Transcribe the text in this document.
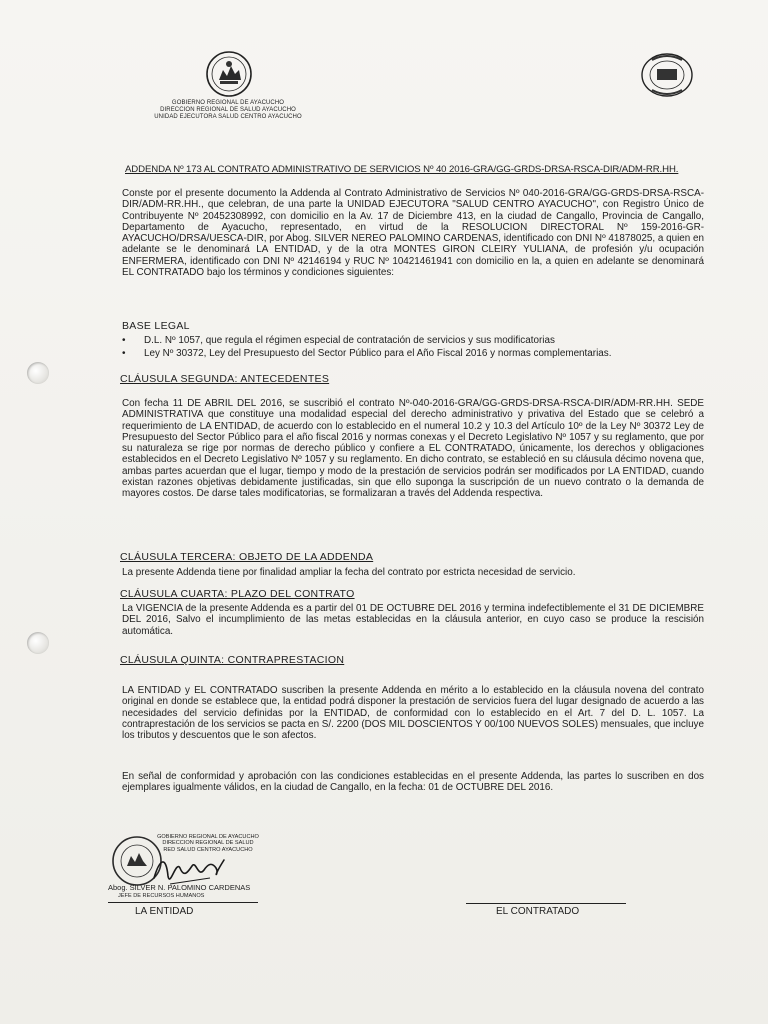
GOBIERNO REGIONAL DE AYACUCHO
DIRECCION REGIONAL DE SALUD AYACUCHO
UNIDAD EJECUTORA SALUD CENTRO AYACUCHO
ADDENDA Nº 173 AL CONTRATO ADMINISTRATIVO DE SERVICIOS Nº 40 2016-GRA/GG-GRDS-DRSA-RSCA-DIR/ADM-RR.HH.
Conste por el presente documento la Addenda al Contrato Administrativo de Servicios Nº 040-2016-GRA/GG-GRDS-DRSA-RSCA-DIR/ADM-RR.HH., que celebran, de una parte la UNIDAD EJECUTORA "SALUD CENTRO AYACUCHO", con Registro Único de Contribuyente Nº 20452308992, con domicilio en la Av. 17 de Diciembre 413, en la ciudad de Cangallo, Provincia de Cangallo, Departamento de Ayacucho, representado, en virtud de la RESOLUCION DIRECTORAL Nº 159-2016-GR-AYACUCHO/DRSA/UESCA-DIR, por Abog. SILVER NEREO PALOMINO CARDENAS, identificado con DNI Nº 41878025, a quien en adelante se le denominará LA ENTIDAD, y de la otra MONTES GIRON CLEIRY YULIANA, de profesión y/u ocupación ENFERMERA, identificado con DNI Nº 42146194 y RUC Nº 10421461941 con domicilio en la, a quien en adelante se denominará EL CONTRATADO bajo los términos y condiciones siguientes:
BASE LEGAL
• D.L. Nº 1057, que regula el régimen especial de contratación de servicios y sus modificatorias
• Ley Nº 30372, Ley del Presupuesto del Sector Público para el Año Fiscal 2016 y normas complementarias.
CLÁUSULA SEGUNDA: ANTECEDENTES
Con fecha 11 DE ABRIL DEL 2016, se suscribió el contrato Nº-040-2016-GRA/GG-GRDS-DRSA-RSCA-DIR/ADM-RR.HH. SEDE ADMINISTRATIVA que constituye una modalidad especial del derecho administrativo y privativa del Estado que se celebró a requerimiento de LA ENTIDAD, de acuerdo con lo establecido en el numeral 10.2 y 10.3 del Artículo 10º de la Ley Nº 30372 Ley de Presupuesto del Sector Público para el año fiscal 2016 y normas conexas y el Decreto Legislativo Nº 1057 y su reglamento, que por su naturaleza se rige por normas de derecho público y confiere a EL CONTRATADO, únicamente, los derechos y obligaciones establecidos en el Decreto Legislativo Nº 1057 y su reglamento. En dicho contrato, se estableció en su cláusula décimo novena que, ambas partes acuerdan que el lugar, tiempo y modo de la prestación de servicios podrán ser modificados por LA ENTIDAD, cuando existan razones objetivas debidamente justificadas, sin que ello suponga la suscripción de un nuevo contrato o la demanda de mayores costos. De darse tales modificatorias, se formalizaran a través del Addenda respectiva.
CLÁUSULA TERCERA: OBJETO DE LA ADDENDA
La presente Addenda tiene por finalidad ampliar la fecha del contrato por estricta necesidad de servicio.
CLÁUSULA CUARTA: PLAZO DEL CONTRATO
La VIGENCIA de la presente Addenda es a partir del 01 DE OCTUBRE DEL 2016 y termina indefectiblemente el 31 DE DICIEMBRE DEL 2016, Salvo el incumplimiento de las metas establecidas en la cláusula anterior, en cuyo caso se produce la rescisión automática.
CLÁUSULA QUINTA: CONTRAPRESTACION
LA ENTIDAD y EL CONTRATADO suscriben la presente Addenda en mérito a lo establecido en la cláusula novena del contrato original en donde se establece que, la entidad podrá disponer la prestación de servicios fuera del lugar designado de acuerdo a las necesidades del servicio definidas por la ENTIDAD, de conformidad con lo establecido en el Art. 7 del D. L. 1057. La contraprestación de los servicios se pacta en S/. 2200 (DOS MIL DOSCIENTOS Y 00/100 NUEVOS SOLES) mensuales, que incluye los tributos y descuentos que le son afectos.
En señal de conformidad y aprobación con las condiciones establecidas en el presente Addenda, las partes lo suscriben en dos ejemplares igualmente válidos, en la ciudad de Cangallo, en la fecha: 01 de OCTUBRE DEL 2016.
GOBIERNO REGIONAL DE AYACUCHO
DIRECCION REGIONAL DE SALUD
RED SALUD CENTRO AYACUCHO
Abog. SILVER N. PALOMINO CARDENAS
JEFE DE RECURSOS HUMANOS
LA ENTIDAD	EL CONTRATADO
